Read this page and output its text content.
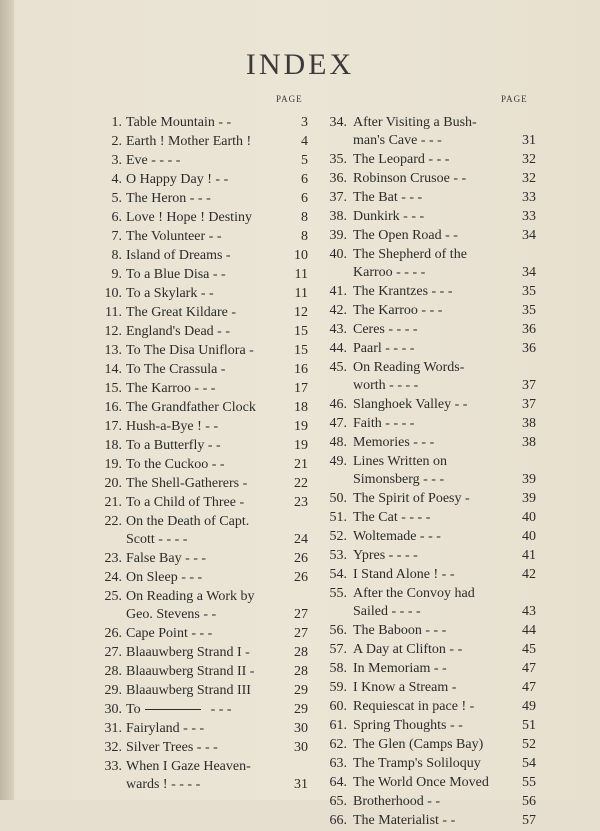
INDEX
PAGE	PAGE
1. Table Mountain - -	3
2. Earth ! Mother Earth !	4
3. Eve - - - -	5
4. O Happy Day ! - -	6
5. The Heron - - -	6
6. Love ! Hope ! Destiny	8
7. The Volunteer - -	8
8. Island of Dreams -	10
9. To a Blue Disa - -	11
10. To a Skylark - -	11
11. The Great Kildare -	12
12. England's Dead - -	15
13. To The Disa Uniflora -	15
14. To The Crassula -	16
15. The Karroo - - -	17
16. The Grandfather Clock	18
17. Hush-a-Bye ! - -	19
18. To a Butterfly - -	19
19. To the Cuckoo - -	21
20. The Shell-Gatherers -	22
21. To a Child of Three -	23
22. On the Death of Capt.
Scott - - - -	24
23. False Bay - - -	26
24. On Sleep - - -	26
25. On Reading a Work by
Geo. Stevens - -	27
26. Cape Point - - -	27
27. Blaauwberg Strand I -	28
28. Blaauwberg Strand II -	28
29. Blaauwberg Strand III	29
30. To	- - -	29
31. Fairyland - - -	30
32. Silver Trees - - -	30
33. When I Gaze Heaven-
wards ! - - - -	31
34. After Visiting a Bush-
man's Cave - - -	31
35. The Leopard - - -	32
36. Robinson Crusoe - -	32
37. The Bat - - -	33
38. Dunkirk - - -	33
39. The Open Road - -	34
40. The Shepherd of the
Karroo - - - -	34
41. The Krantzes - - -	35
42. The Karroo - - -	35
43. Ceres - - - -	36
44. Paarl - - - -	36
45. On Reading Words-
worth - - - -	37
46. Slanghoek Valley - -	37
47. Faith - - - -	38
48. Memories - - -	38
49. Lines Written on
Simonsberg - - -	39
50. The Spirit of Poesy -	39
51. The Cat - - - -	40
52. Woltemade - - -	40
53. Ypres - - - -	41
54. I Stand Alone ! - -	42
55. After the Convoy had
Sailed - - - -	43
56. The Baboon - - -	44
57. A Day at Clifton - -	45
58. In Memoriam - -	47
59. I Know a Stream -	47
60. Requiescat in pace ! -	49
61. Spring Thoughts - -	51
62. The Glen (Camps Bay)	52
63. The Tramp's Soliloquy	54
64. The World Once Moved	55
65. Brotherhood - -	56
66. The Materialist - -	57
